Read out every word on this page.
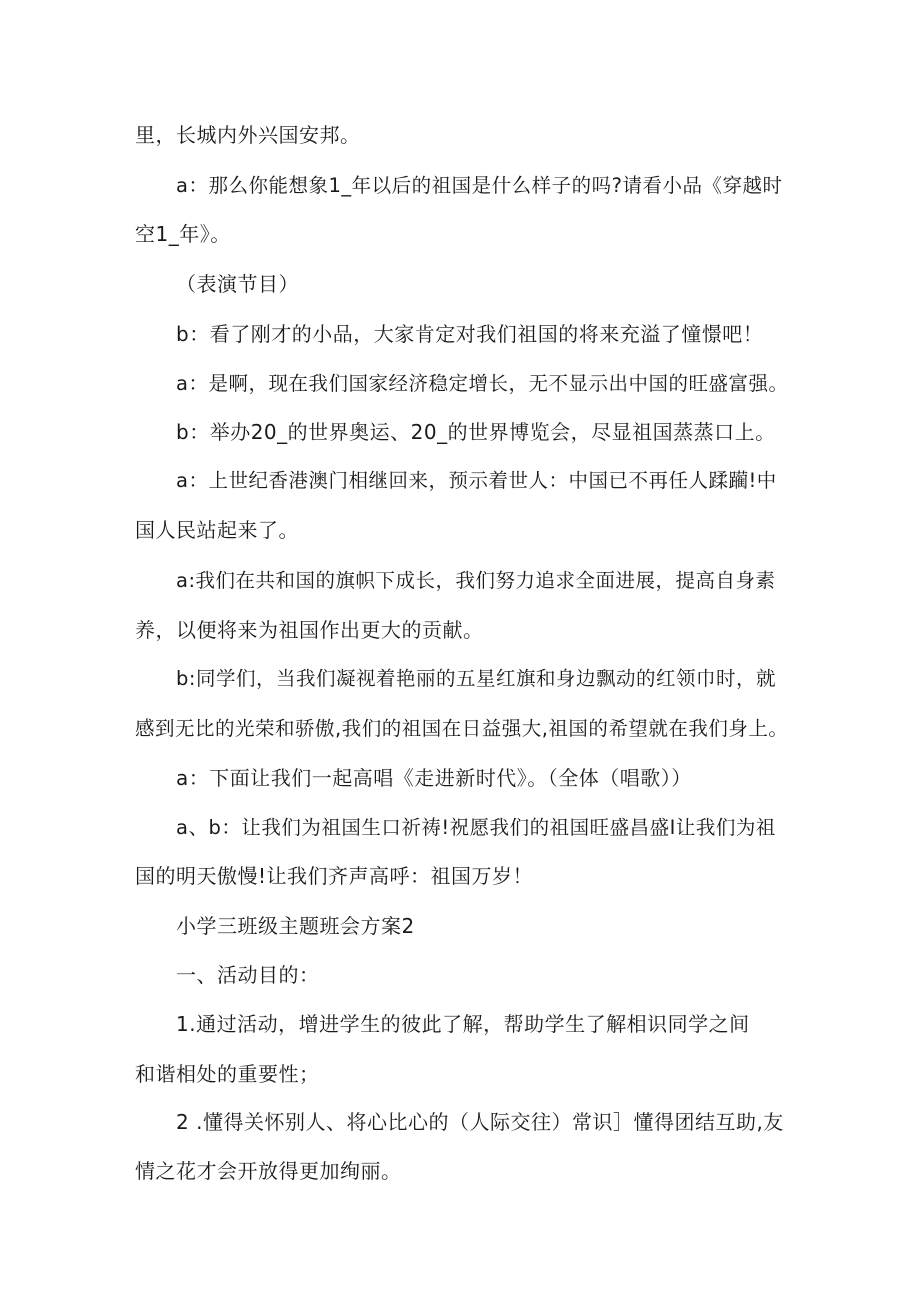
里，长城内外兴国安邦。
a：那么你能想象1_年以后的祖国是什么样子的吗?请看小品《穿越时
空1_年》。
（表演节目）
b：看了刚才的小品，大家肯定对我们祖国的将来充溢了憧憬吧！
a：是啊，现在我们国家经济稳定增长，无不显示出中国的旺盛富强。
b：举办20_的世界奥运、20_的世界博览会，尽显祖国蒸蒸口上。
a：上世纪香港澳门相继回来，预示着世人：中国已不再任人蹂躏!中
国人民站起来了。
a:我们在共和国的旗帜下成长，我们努力追求全面进展，提高自身素
养，以便将来为祖国作出更大的贡献。
b:同学们，当我们凝视着艳丽的五星红旗和身边飘动的红领巾时，就
感到无比的光荣和骄傲,我们的祖国在日益强大,祖国的希望就在我们身上。
a：下面让我们一起高唱《走进新时代》。（全体（唱歌））
a、b：让我们为祖国生口祈祷!祝愿我们的祖国旺盛昌盛I让我们为祖
国的明天傲慢!让我们齐声高呼：祖国万岁！
小学三班级主题班会方案2
一、活动目的：
1.通过活动，增进学生的彼此了解，帮助学生了解相识同学之间
和谐相处的重要性；
2 .懂得关怀别人、将心比心的（人际交往）常识］懂得团结互助,友
情之花才会开放得更加绚丽。
